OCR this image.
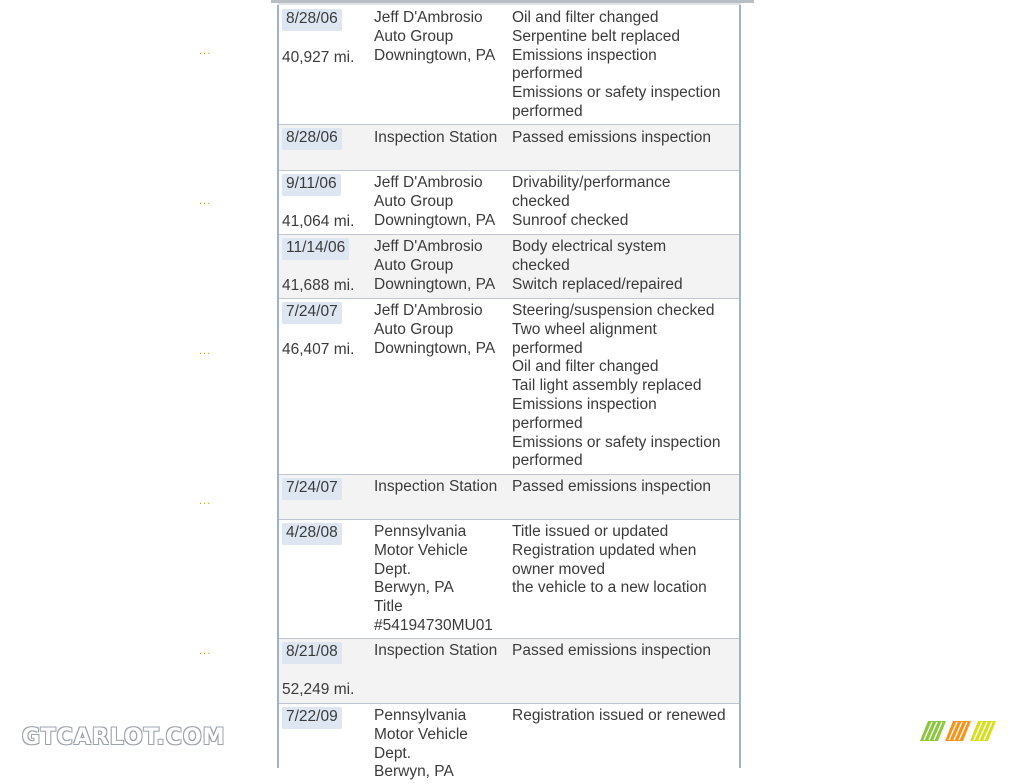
8/28/06
40,927 mi.
Jeff D'Ambrosio
Auto Group
Downingtown, PA
Oil and filter changed
Serpentine belt replaced
Emissions inspection
performed
Emissions or safety inspection
performed
8/28/06 Inspection Station Passed emissions inspection
9/11/06
41,064 mi.
Jeff D'Ambrosio
Auto Group
Downingtown, PA
Drivability/performance
checked
Sunroof checked
11/14/06
41,688 mi.
Jeff D'Ambrosio
Auto Group
Downingtown, PA
Body electrical system
checked
Switch replaced/repaired
7/24/07
46,407 mi.
Jeff D'Ambrosio
Auto Group
Downingtown, PA
Steering/suspension checked
Two wheel alignment
performed
Oil and filter changed
Tail light assembly replaced
Emissions inspection
performed
Emissions or safety inspection
performed
7/24/07 Inspection Station Passed emissions inspection
4/28/08 Pennsylvania
Motor Vehicle
Dept.
Berwyn, PA
Title
#54194730MU01
Title issued or updated
Registration updated when
owner moved
the vehicle to a new location
8/21/08
52,249 mi.
Inspection Station Passed emissions inspection
7/22/09 Pennsylvania
Motor Vehicle
Dept.
Berwyn, PA
Registration issued or renewed
...
...
...
...
...
GTCARLOT.COM
